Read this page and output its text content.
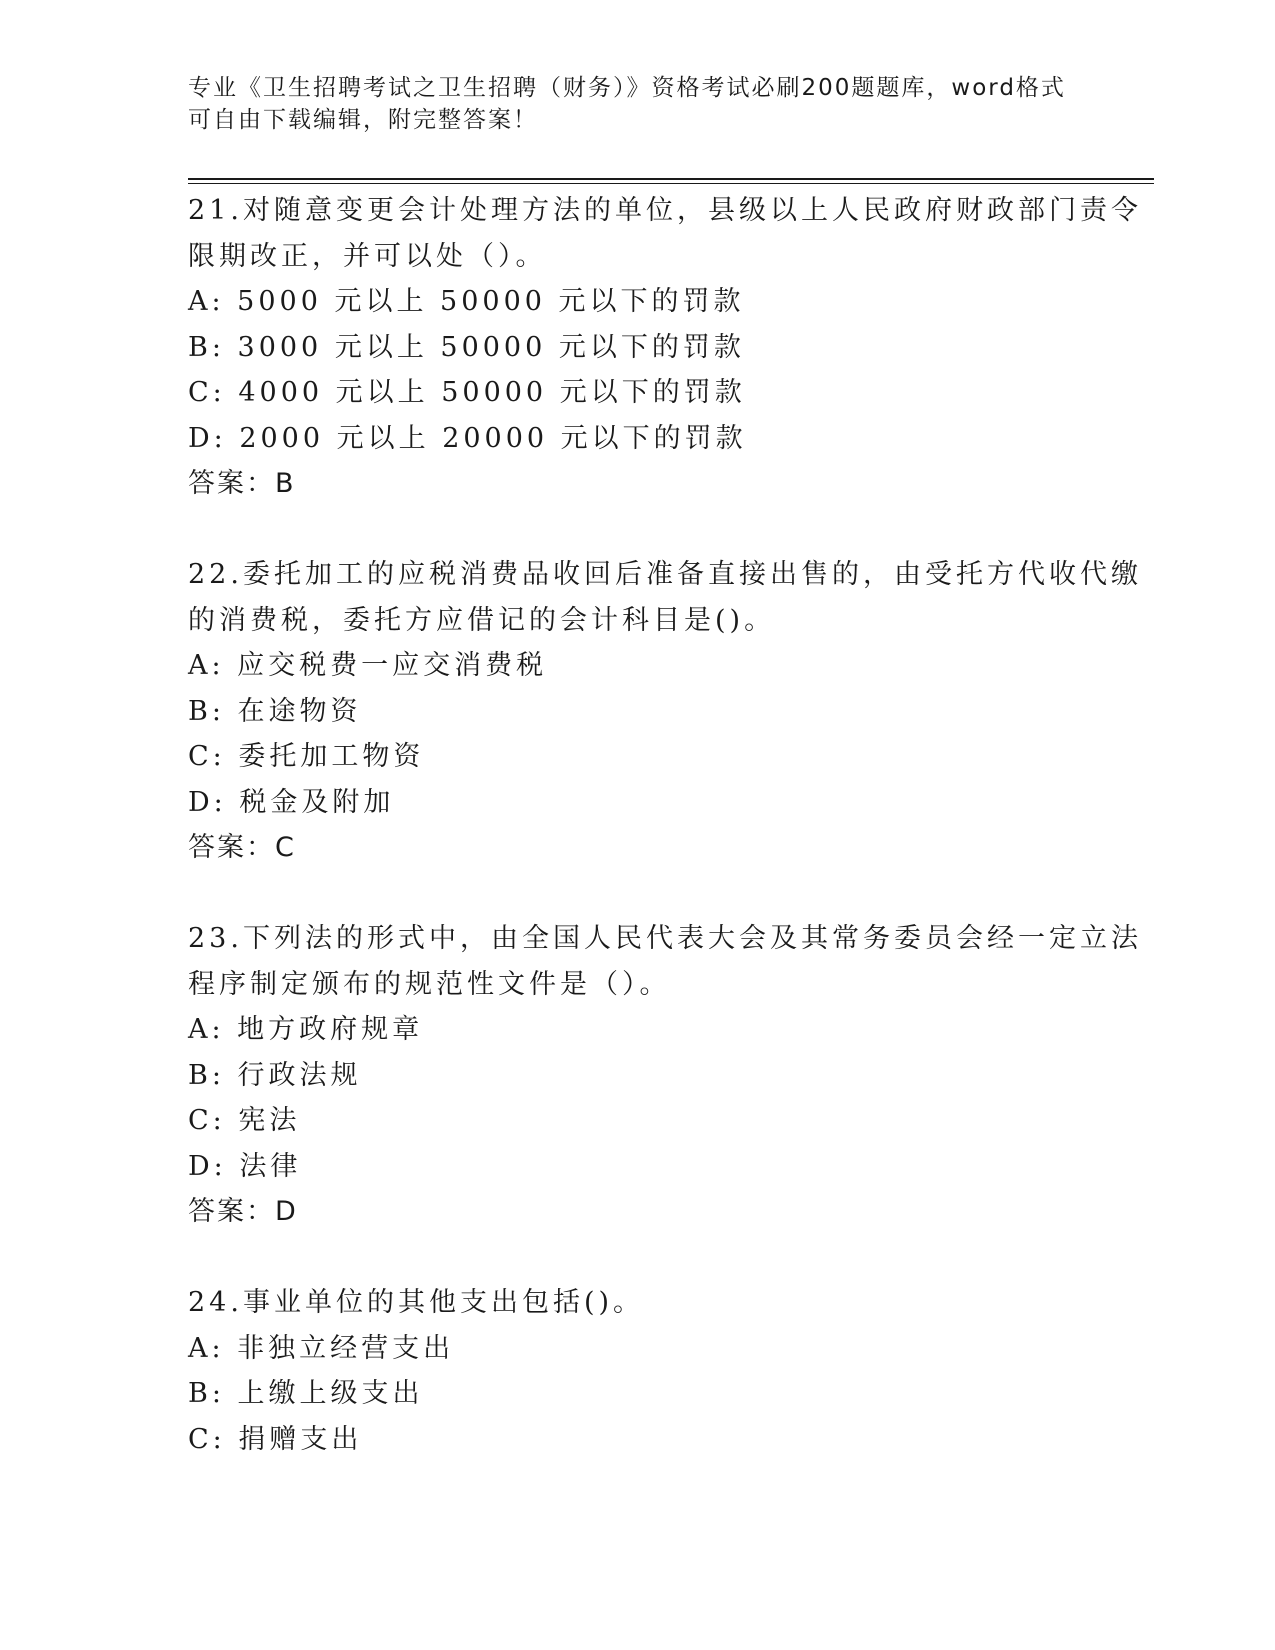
专业《卫生招聘考试之卫生招聘（财务）》资格考试必刷200题题库，word格式
可自由下载编辑，附完整答案！
21.对随意变更会计处理方法的单位，县级以上人民政府财政部门责令
限期改正，并可以处（）。
A: 5000 元以上 50000 元以下的罚款
B: 3000 元以上 50000 元以下的罚款
C: 4000 元以上 50000 元以下的罚款
D: 2000 元以上 20000 元以下的罚款
答案：B
22.委托加工的应税消费品收回后准备直接出售的，由受托方代收代缴
的消费税，委托方应借记的会计科目是()。
A: 应交税费一应交消费税
B: 在途物资
C: 委托加工物资
D: 税金及附加
答案：C
23.下列法的形式中，由全国人民代表大会及其常务委员会经一定立法
程序制定颁布的规范性文件是（）。
A: 地方政府规章
B: 行政法规
C: 宪法
D: 法律
答案：D
24.事业单位的其他支出包括()。
A: 非独立经营支出
B: 上缴上级支出
C: 捐赠支出
